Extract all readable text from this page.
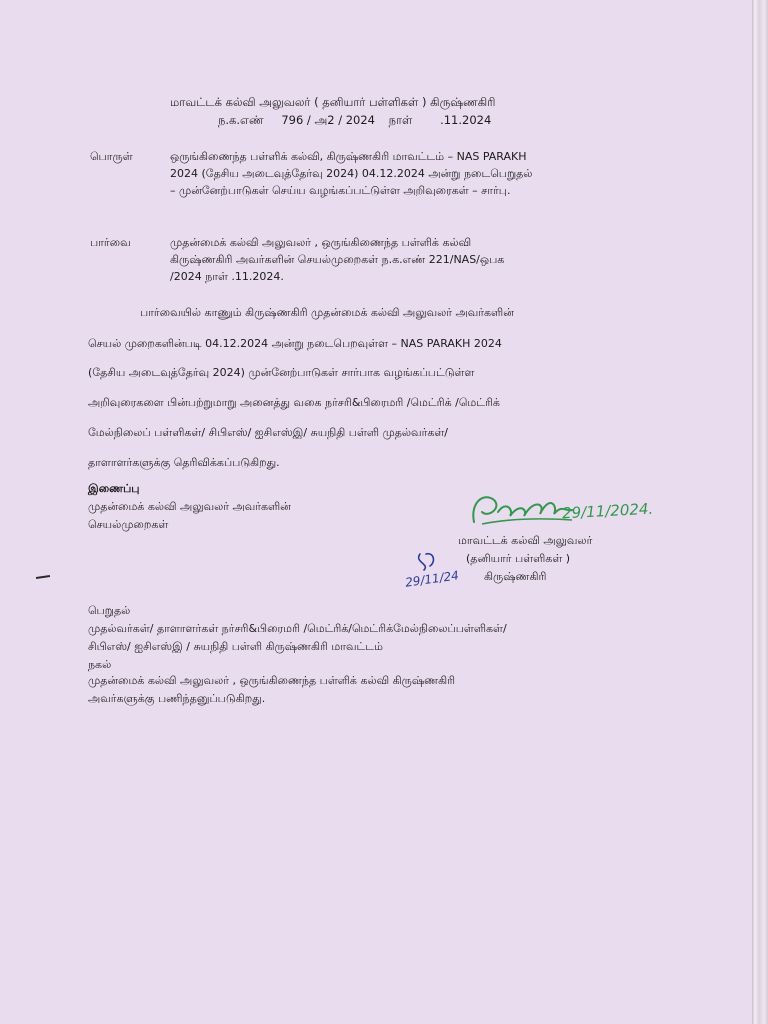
மாவட்டக் கல்வி அலுவலர் ( தனியார் பள்ளிகள் ) கிருஷ்ணகிரி
ந.க.எண் 796 / அ2 / 2024 நாள் .11.2024
பொருள்	ஒருங்கிணைந்த பள்ளிக் கல்வி, கிருஷ்ணகிரி மாவட்டம் – NAS PARAKH
2024 (தேசிய அடைவுத்தேர்வு 2024) 04.12.2024 அன்று நடைபெறுதல்
– முன்னேற்பாடுகள் செய்ய வழங்கப்பட்டுள்ள அறிவுரைகள் – சார்பு.
பார்வை	முதன்மைக் கல்வி அலுவலர் , ஒருங்கிணைந்த பள்ளிக் கல்வி
கிருஷ்ணகிரி அவர்களின் செயல்முறைகள் ந.க.எண் 221/NAS/ஒபக
/2024 நாள் .11.2024.
பார்வையில் காணும் கிருஷ்ணகிரி முதன்மைக் கல்வி அலுவலர் அவர்களின்
செயல் முறைகளின்படி 04.12.2024 அன்று நடைபெறவுள்ள – NAS PARAKH 2024
(தேசிய அடைவுத்தேர்வு 2024) முன்னேற்பாடுகள் சார்பாக வழங்கப்பட்டுள்ள
அறிவுரைகளை பின்பற்றுமாறு அனைத்து வகை நர்சரி&பிரைமரி /மெட்ரிக் /மெட்ரிக்
மேல்நிலைப் பள்ளிகள்/ சிபிஎஸ்/ ஐசிஎஸ்இ/ சுயநிதி பள்ளி முதல்வர்கள்/
தாளாளர்களுக்கு தெரிவிக்கப்படுகிறது.
இணைப்பு
முதன்மைக் கல்வி அலுவலர் அவர்களின்
செயல்முறைகள்
29/11/2024.
மாவட்டக் கல்வி அலுவலர்
(தனியார் பள்ளிகள் )
கிருஷ்ணகிரி
29/11/24
பெறுதல்
முதல்வர்கள்/ தாளாளர்கள் நர்சரி&பிரைமரி /மெட்ரிக்/மெட்ரிக்மேல்நிலைப்பள்ளிகள்/
சிபிஎஸ்/ ஐசிஎஸ்இ / சுயநிதி பள்ளி கிருஷ்ணகிரி மாவட்டம்
நகல்
முதன்மைக் கல்வி அலுவலர் , ஒருங்கிணைந்த பள்ளிக் கல்வி கிருஷ்ணகிரி
அவர்களுக்கு பணிந்தனுப்படுகிறது.
